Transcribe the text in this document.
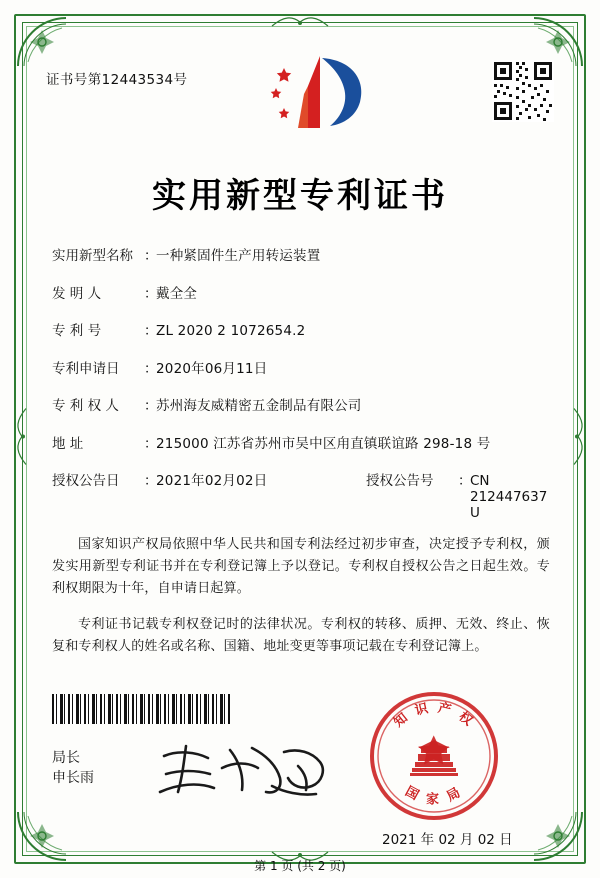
证书号第12443534号
实用新型专利证书
实用新型名称 ：
一种紧固件生产用转运装置
发 明 人	：
戴全全
专 利 号	：
ZL 2020 2 1072654.2
专利申请日	：
2020年06月11日
专 利 权 人	：
苏州海友威精密五金制品有限公司
地 址	：
215000 江苏省苏州市吴中区甪直镇联谊路 298-18 号
授权公告日	：
2021年02月02日	授权公告号	：
CN 212447637 U
国家知识产权局依照中华人民共和国专利法经过初步审查，决定授予专利权，颁发实用新型专利证书并在专利登记簿上予以登记。专利权自授权公告之日起生效。专利权期限为十年，自申请日起算。
专利证书记载专利权登记时的法律状况。专利权的转移、质押、无效、终止、恢复和专利权人的姓名或名称、国籍、地址变更等事项记载在专利登记簿上。
局长
申长雨
知 识 产 权
国 家 局
2021 年 02 月 02 日
第 1 页 (共 2 页)
